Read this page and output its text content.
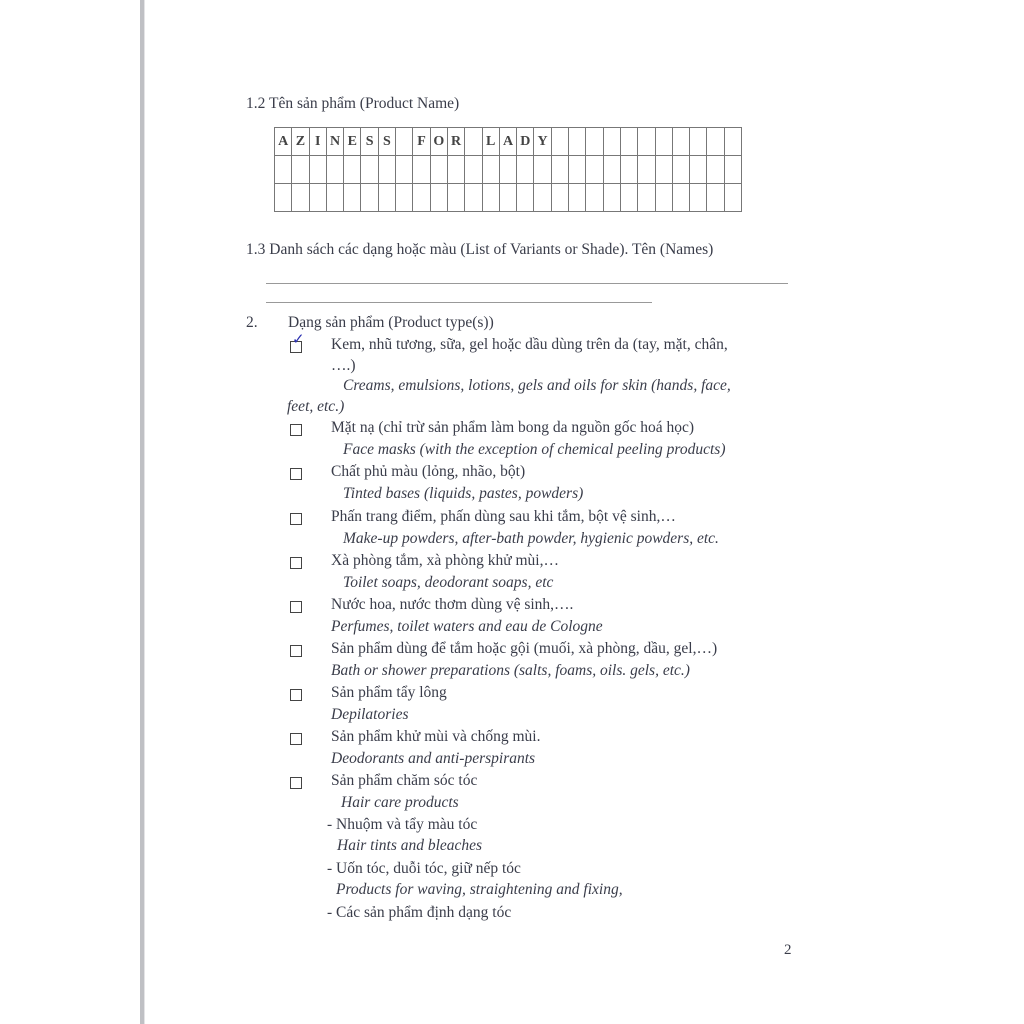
1.2 Tên sản phẩm (Product Name)
A	Z	I	N	E	S	S		F	O	R		L	A	D	Y											

1.3 Danh sách các dạng hoặc màu (List of Variants or Shade). Tên (Names)
2. Dạng sản phẩm (Product type(s))
✓ Kem, nhũ tương, sữa, gel hoặc dầu dùng trên da (tay, mặt, chân,
….)
Creams, emulsions, lotions, gels and oils for skin (hands, face,
feet, etc.)
Mặt nạ (chỉ trừ sản phẩm làm bong da nguồn gốc hoá học)
Face masks (with the exception of chemical peeling products)
Chất phủ màu (lỏng, nhão, bột)
Tinted bases (liquids, pastes, powders)
Phấn trang điểm, phấn dùng sau khi tắm, bột vệ sinh,…
Make-up powders, after-bath powder, hygienic powders, etc.
Xà phòng tắm, xà phòng khử mùi,…
Toilet soaps, deodorant soaps, etc
Nước hoa, nước thơm dùng vệ sinh,….
Perfumes, toilet waters and eau de Cologne
Sản phẩm dùng để tắm hoặc gội (muối, xà phòng, dầu, gel,…)
Bath or shower preparations (salts, foams, oils. gels, etc.)
Sản phẩm tẩy lông
Depilatories
Sản phẩm khử mùi và chống mùi.
Deodorants and anti-perspirants
Sản phẩm chăm sóc tóc
Hair care products
- Nhuộm và tẩy màu tóc
Hair tints and bleaches
- Uốn tóc, duỗi tóc, giữ nếp tóc
Products for waving, straightening and fixing,
- Các sản phẩm định dạng tóc
2
